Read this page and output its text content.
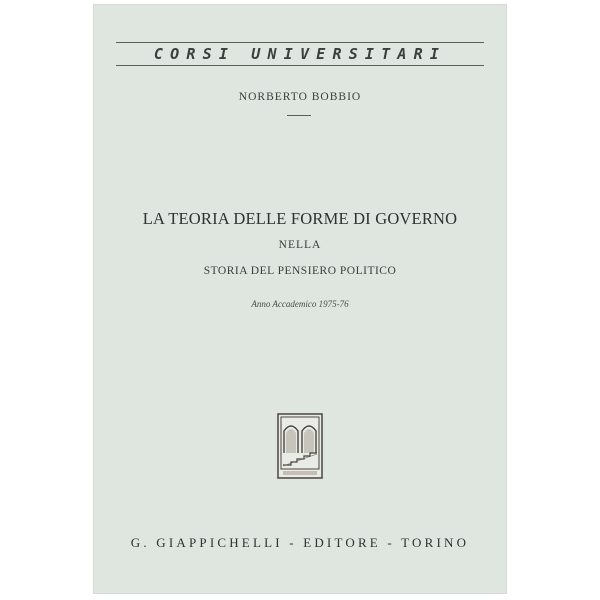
CORSI UNIVERSITARI
NORBERTO BOBBIO
LA TEORIA DELLE FORME DI GOVERNO
NELLA
STORIA DEL PENSIERO POLITICO
Anno Accademico 1975-76
G. GIAPPICHELLI - EDITORE - TORINO
